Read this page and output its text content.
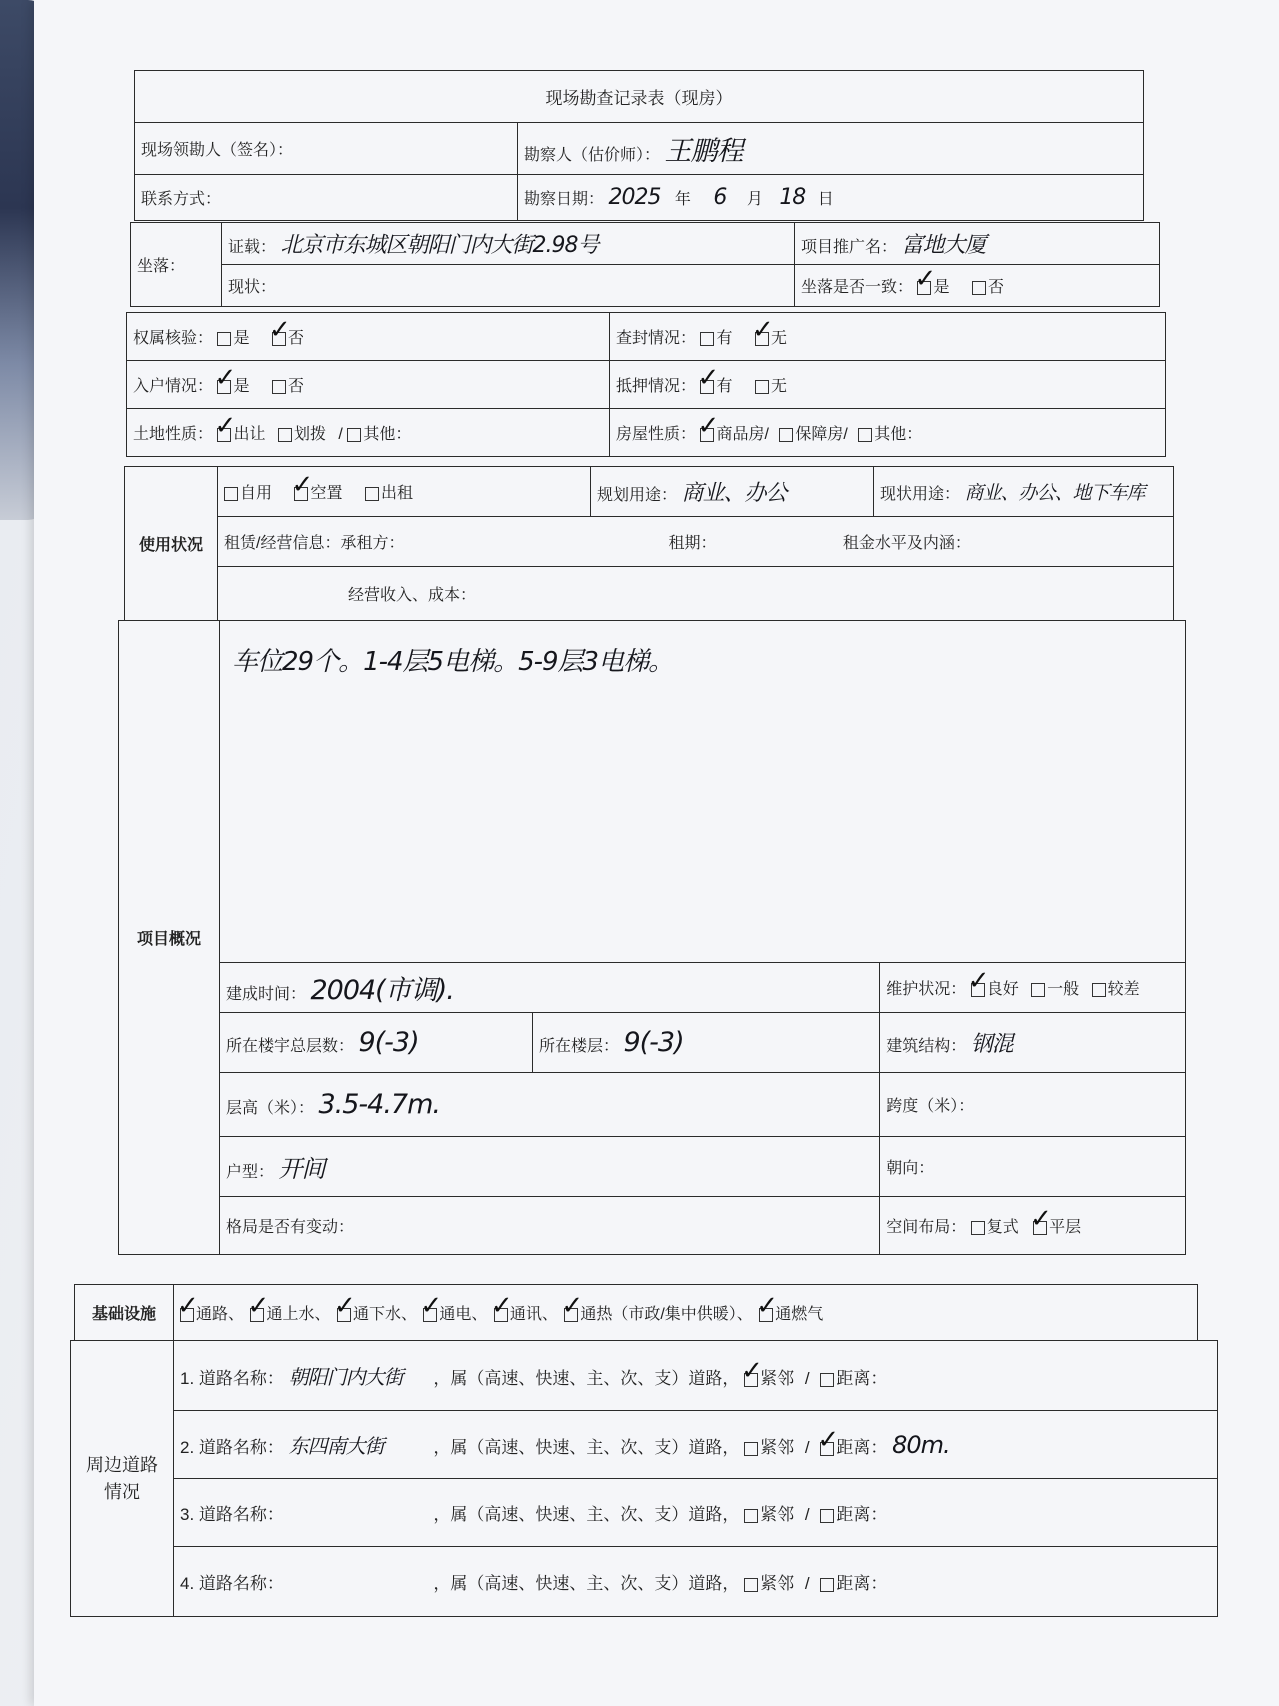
现场勘查记录表（现房）	
现场领勘人（签名）：	勘察人（估价师）： 王鹏程
联系方式：	勘察日期： 2025 年 6 月 18 日
坐落：	证载： 北京市东城区朝阳门内大街2.98号	项目推广名： 富地大厦
	现状：	坐落是否一致： ✓ 是 否
权属核验： 是 ✓ 否	查封情况： 有 ✓ 无
入户情况： ✓ 是 否	抵押情况： ✓ 有 无
土地性质： ✓ 出让 划拨 / 其他：	房屋性质： ✓ 商品房/ 保障房/ 其他：
使用状况	自用 ✓ 空置 出租	规划用途： 商业、办公	现状用途： 商业、办公、地下车库
租赁/经营信息：承租方：	租期：	租金水平及内涵：
经营收入、成本：
项目概况	车位29个。1-4层5电梯。5-9层3电梯。		
	建成时间： 2004(市调).		维护状况： ✓ 良好 一般 较差
	所在楼宇总层数： 9(-3)	所在楼层： 9(-3)	建筑结构： 钢混
	层高（米）： 3.5-4.7m.		跨度（米）：
	户型： 开间		朝向：
	格局是否有变动：		空间布局： 复式 ✓ 平层
基础设施	✓通路、 ✓ 通上水、 ✓ 通下水、 ✓ 通电、 ✓ 通讯、 ✓ 通热（市政/集中供暖）、 ✓ 通燃气
周边道路
情况	1. 道路名称： 朝阳门内大街 ，属（高速、快速、主、次、支）道路， ✓ 紧邻 / 距离：
2. 道路名称： 东四南大街	，属（高速、快速、主、次、支）道路， 紧邻 / ✓ 距离： 80m.
3. 道路名称：	，属（高速、快速、主、次、支）道路， 紧邻 / 距离：
4. 道路名称：	，属（高速、快速、主、次、支）道路， 紧邻 / 距离：
